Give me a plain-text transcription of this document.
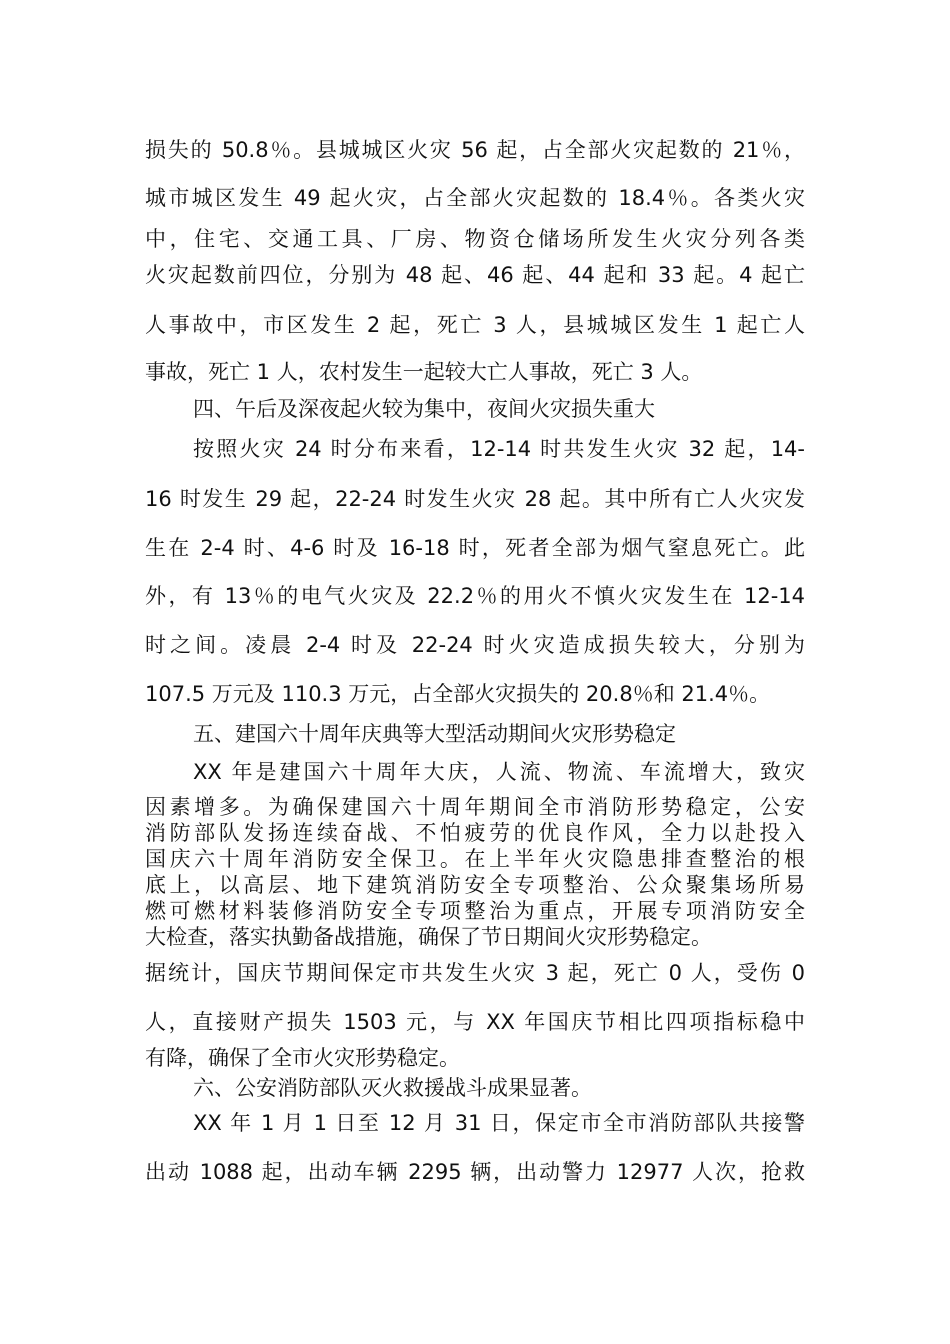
损失的 50.8％。县城城区火灾 56 起，占全部火灾起数的 21％，

城市城区发生 49 起火灾，占全部火灾起数的 18.4％。各类火灾

中，住宅、交通工具、厂房、物资仓储场所发生火灾分列各类

火灾起数前四位，分别为 48 起、46 起、44 起和 33 起。4 起亡

人事故中，市区发生 2 起，死亡 3 人，县城城区发生 1 起亡人

事故，死亡 1 人，农村发生一起较大亡人事故，死亡 3 人。

四、午后及深夜起火较为集中，夜间火灾损失重大

按照火灾 24 时分布来看，12-14 时共发生火灾 32 起，14-

16 时发生 29 起，22-24 时发生火灾 28 起。其中所有亡人火灾发

生在 2-4 时、4-6 时及 16-18 时，死者全部为烟气窒息死亡。此

外，有 13％的电气火灾及 22.2％的用火不慎火灾发生在 12-14

时之间。凌晨 2-4 时及 22-24 时火灾造成损失较大，分别为

107.5 万元及 110.3 万元，占全部火灾损失的 20.8％和 21.4％。

五、建国六十周年庆典等大型活动期间火灾形势稳定

XX 年是建国六十周年大庆，人流、物流、车流增大，致灾

因素增多。为确保建国六十周年期间全市消防形势稳定，公安

消防部队发扬连续奋战、不怕疲劳的优良作风，全力以赴投入

国庆六十周年消防安全保卫。在上半年火灾隐患排查整治的根

底上，以高层、地下建筑消防安全专项整治、公众聚集场所易

燃可燃材料装修消防安全专项整治为重点，开展专项消防安全

大检查，落实执勤备战措施，确保了节日期间火灾形势稳定。

据统计，国庆节期间保定市共发生火灾 3 起，死亡 0 人，受伤 0

人，直接财产损失 1503 元，与 XX 年国庆节相比四项指标稳中

有降，确保了全市火灾形势稳定。

六、公安消防部队灭火救援战斗成果显著。

XX 年 1 月 1 日至 12 月 31 日，保定市全市消防部队共接警

出动 1088 起，出动车辆 2295 辆，出动警力 12977 人次，抢救
